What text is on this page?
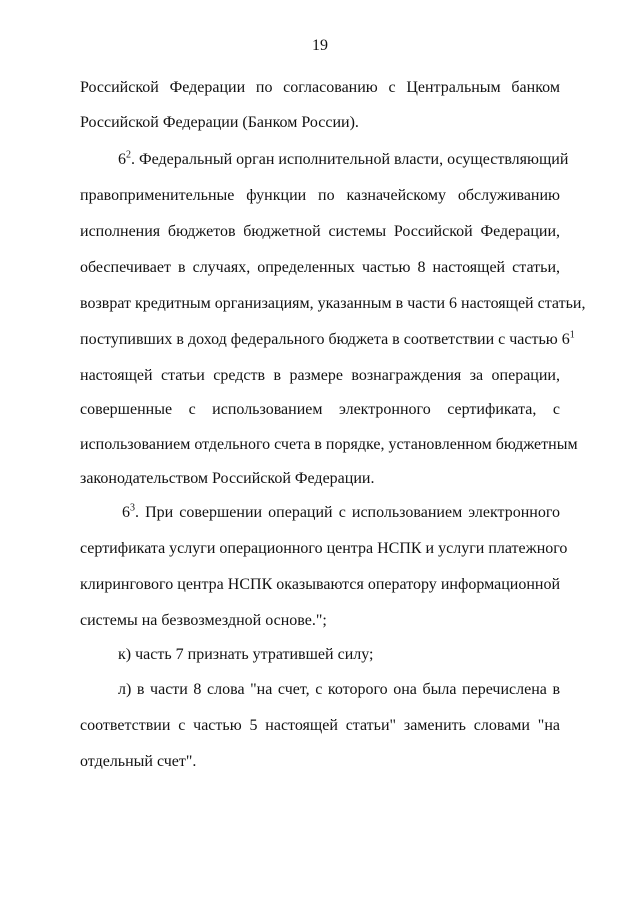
19
Российской Федерации по согласованию с Центральным банком
Российской Федерации (Банком России).
$6^2$. Федеральный орган исполнительной власти, осуществляющий
правоприменительные функции по казначейскому обслуживанию
исполнения бюджетов бюджетной системы Российской Федерации,
обеспечивает в случаях, определенных частью 8 настоящей статьи,
возврат кредитным организациям, указанным в части 6 настоящей статьи,
поступивших в доход федерального бюджета в соответствии с частью $6^1$
настоящей статьи средств в размере вознаграждения за операции,
совершенные с использованием электронного сертификата, с
использованием отдельного счета в порядке, установленном бюджетным
законодательством Российской Федерации.
$6^3$. При совершении операций с использованием электронного
сертификата услуги операционного центра НСПК и услуги платежного
клирингового центра НСПК оказываются оператору информационной
системы на безвозмездной основе.";
к) часть 7 признать утратившей силу;
л) в части 8 слова "на счет, с которого она была перечислена в
соответствии с частью 5 настоящей статьи" заменить словами "на
отдельный счет".
